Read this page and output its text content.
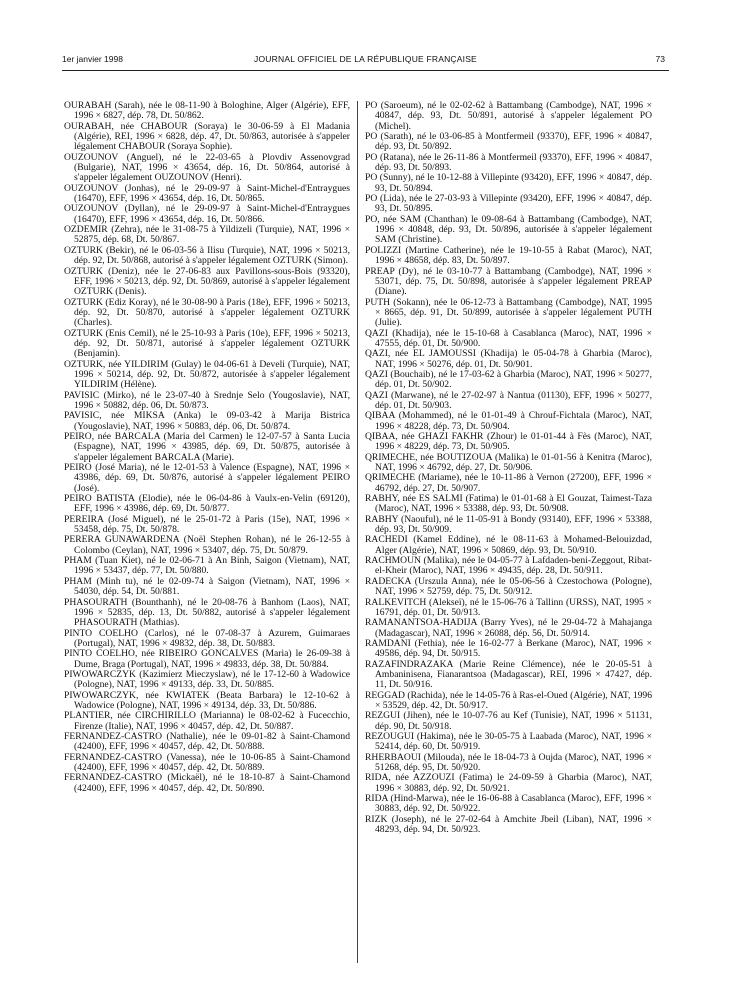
1er janvier 1998	JOURNAL OFFICIEL DE LA RÉPUBLIQUE FRANÇAISE	73

OURABAH (Sarah), née le 08-11-90 à Bologhine, Alger (Algérie), EFF, 1996 × 6827, dép. 78, Dt. 50/862.

OURABAH, née CHABOUR (Soraya) le 30-06-59 à El Madania (Algérie), REI, 1996 × 6828, dép. 47, Dt. 50/863, autorisée à s'appeler légalement CHABOUR (Soraya Sophie).

OUZOUNOV (Anguel), né le 22-03-65 à Plovdiv Assenovgrad (Bulgarie), NAT, 1996 × 43654, dép. 16, Dt. 50/864, autorisé à s'appeler légalement OUZOUNOV (Henri).

OUZOUNOV (Jonhas), né le 29-09-97 à Saint-Michel-d'Entraygues (16470), EFF, 1996 × 43654, dép. 16, Dt. 50/865.

OUZOUNOV (Dyllan), né le 29-09-97 à Saint-Michel-d'Entraygues (16470), EFF, 1996 × 43654, dép. 16, Dt. 50/866.

OZDEMIR (Zehra), née le 31-08-75 à Yildizeli (Turquie), NAT, 1996 × 52875, dép. 68, Dt. 50/867.

OZTURK (Bekir), né le 06-03-56 à Ilisu (Turquie), NAT, 1996 × 50213, dép. 92, Dt. 50/868, autorisé à s'appeler légalement OZTURK (Simon).

OZTURK (Deniz), née le 27-06-83 aux Pavillons-sous-Bois (93320), EFF, 1996 × 50213, dép. 92, Dt. 50/869, autorisé à s'appeler légalement OZTURK (Denis).

OZTURK (Ediz Koray), né le 30-08-90 à Paris (18e), EFF, 1996 × 50213, dép. 92, Dt. 50/870, autorisé à s'appeler légalement OZTURK (Charles).

OZTURK (Enis Cemil), né le 25-10-93 à Paris (10e), EFF, 1996 × 50213, dép. 92, Dt. 50/871, autorisé à s'appeler légalement OZTURK (Benjamin).

OZTURK, née YILDIRIM (Gulay) le 04-06-61 à Develi (Turquie), NAT, 1996 × 50214, dép. 92, Dt. 50/872, autorisée à s'appeler légalement YILDIRIM (Hélène).

PAVISIC (Mirko), né le 23-07-40 à Srednje Selo (Yougoslavie), NAT, 1996 × 50882, dép. 06, Dt. 50/873.

PAVISIC, née MIKSA (Anka) le 09-03-42 à Marija Bistrica (Yougoslavie), NAT, 1996 × 50883, dép. 06, Dt. 50/874.

PEIRO, née BARCALA (Maria del Carmen) le 12-07-57 à Santa Lucia (Espagne), NAT, 1996 × 43985, dép. 69, Dt. 50/875, autorisée à s'appeler légalement BARCALA (Marie).

PEIRO (José Maria), né le 12-01-53 à Valence (Espagne), NAT, 1996 × 43986, dép. 69, Dt. 50/876, autorisé à s'appeler légalement PEIRO (José).

PEIRO BATISTA (Elodie), née le 06-04-86 à Vaulx-en-Velin (69120), EFF, 1996 × 43986, dép. 69, Dt. 50/877.

PEREIRA (José Miguel), né le 25-01-72 à Paris (15e), NAT, 1996 × 53458, dép. 75, Dt. 50/878.

PERERA GUNAWARDENA (Noël Stephen Rohan), né le 26-12-55 à Colombo (Ceylan), NAT, 1996 × 53407, dép. 75, Dt. 50/879.

PHAM (Tuan Kiet), né le 02-06-71 à An Binh, Saigon (Vietnam), NAT, 1996 × 53437, dép. 77, Dt. 50/880.

PHAM (Minh tu), né le 02-09-74 à Saigon (Vietnam), NAT, 1996 × 54030, dép. 54, Dt. 50/881.

PHASOURATH (Bounthanh), né le 20-08-76 à Banhom (Laos), NAT, 1996 × 52835, dép. 13, Dt. 50/882, autorisé à s'appeler légalement PHASOURATH (Mathias).

PINTO COELHO (Carlos), né le 07-08-37 à Azurem, Guimaraes (Portugal), NAT, 1996 × 49832, dép. 38, Dt. 50/883.

PINTO COELHO, née RIBEIRO GONCALVES (Maria) le 26-09-38 à Dume, Braga (Portugal), NAT, 1996 × 49833, dép. 38, Dt. 50/884.

PIWOWARCZYK (Kazimierz Mieczyslaw), né le 17-12-60 à Wadowice (Pologne), NAT, 1996 × 49133, dép. 33, Dt. 50/885.

PIWOWARCZYK, née KWIATEK (Beata Barbara) le 12-10-62 à Wadowice (Pologne), NAT, 1996 × 49134, dép. 33, Dt. 50/886.

PLANTIER, née CIRCHIRILLO (Marianna) le 08-02-62 à Fucecchio, Firenze (Italie), NAT, 1996 × 40457, dép. 42, Dt. 50/887.

FERNANDEZ-CASTRO (Nathalie), née le 09-01-82 à Saint-Chamond (42400), EFF, 1996 × 40457, dép. 42, Dt. 50/888.

FERNANDEZ-CASTRO (Vanessa), née le 10-06-85 à Saint-Chamond (42400), EFF, 1996 × 40457, dép. 42, Dt. 50/889.

FERNANDEZ-CASTRO (Mickaël), né le 18-10-87 à Saint-Chamond (42400), EFF, 1996 × 40457, dép. 42, Dt. 50/890.

PO (Saroeum), né le 02-02-62 à Battambang (Cambodge), NAT, 1996 × 40847, dép. 93, Dt. 50/891, autorisé à s'appeler légalement PO (Michel).

PO (Sarath), né le 03-06-85 à Montfermeil (93370), EFF, 1996 × 40847, dép. 93, Dt. 50/892.

PO (Ratana), née le 26-11-86 à Montfermeil (93370), EFF, 1996 × 40847, dép. 93, Dt. 50/893.

PO (Sunny), né le 10-12-88 à Villepinte (93420), EFF, 1996 × 40847, dép. 93, Dt. 50/894.

PO (Lida), née le 27-03-93 à Villepinte (93420), EFF, 1996 × 40847, dép. 93, Dt. 50/895.

PO, née SAM (Chanthan) le 09-08-64 à Battambang (Cambodge), NAT, 1996 × 40848, dép. 93, Dt. 50/896, autorisée à s'appeler légalement SAM (Christine).

POLIZZI (Martine Catherine), née le 19-10-55 à Rabat (Maroc), NAT, 1996 × 48658, dép. 83, Dt. 50/897.

PREAP (Dy), né le 03-10-77 à Battambang (Cambodge), NAT, 1996 × 53071, dép. 75, Dt. 50/898, autorisée à s'appeler légalement PREAP (Diane).

PUTH (Sokann), née le 06-12-73 à Battambang (Cambodge), NAT, 1995 × 8665, dép. 91, Dt. 50/899, autorisée à s'appeler légalement PUTH (Julie).

QAZI (Khadija), née le 15-10-68 à Casablanca (Maroc), NAT, 1996 × 47555, dép. 01, Dt. 50/900.

QAZI, née EL JAMOUSSI (Khadija) le 05-04-78 à Gharbia (Maroc), NAT, 1996 × 50276, dép. 01, Dt. 50/901.

QAZI (Bouchaib), né le 17-03-62 à Gharbia (Maroc), NAT, 1996 × 50277, dép. 01, Dt. 50/902.

QAZI (Marwane), né le 27-02-97 à Nantua (01130), EFF, 1996 × 50277, dép. 01, Dt. 50/903.

QIBAA (Mohammed), né le 01-01-49 à Chrouf-Fichtala (Maroc), NAT, 1996 × 48228, dép. 73, Dt. 50/904.

QIBAA, née GHAZI FAKHR (Zhour) le 01-01-44 à Fès (Maroc), NAT, 1996 × 48229, dép. 73, Dt. 50/905.

QRIMECHE, née BOUTIZOUA (Malika) le 01-01-56 à Kenitra (Maroc), NAT, 1996 × 46792, dép. 27, Dt. 50/906.

QRIMECHE (Mariame), née le 10-11-86 à Vernon (27200), EFF, 1996 × 46792, dép. 27, Dt. 50/907.

RABHY, née ES SALMI (Fatima) le 01-01-68 à El Gouzat, Taimest-Taza (Maroc), NAT, 1996 × 53388, dép. 93, Dt. 50/908.

RABHY (Naouful), né le 11-05-91 à Bondy (93140), EFF, 1996 × 53388, dép. 93, Dt. 50/909.

RACHEDI (Kamel Eddine), né le 08-11-63 à Mohamed-Belouizdad, Alger (Algérie), NAT, 1996 × 50869, dép. 93, Dt. 50/910.

RACHMOUN (Malika), née le 04-05-77 à Lafdaden-beni-Zeggout, Ribat-el-Kheir (Maroc), NAT, 1996 × 49435, dép. 28, Dt. 50/911.

RADECKA (Urszula Anna), née le 05-06-56 à Czestochowa (Pologne), NAT, 1996 × 52759, dép. 75, Dt. 50/912.

RALKEVITCH (Alekseï), né le 15-06-76 à Tallinn (URSS), NAT, 1995 × 16791, dép. 01, Dt. 50/913.

RAMANANTSOA-HADIJA (Barry Yves), né le 29-04-72 à Mahajanga (Madagascar), NAT, 1996 × 26088, dép. 56, Dt. 50/914.

RAMDANI (Fethia), née le 16-02-77 à Berkane (Maroc), NAT, 1996 × 49586, dép. 94, Dt. 50/915.

RAZAFINDRAZAKA (Marie Reine Clémence), née le 20-05-51 à Ambaninisena, Fianarantsoa (Madagascar), REI, 1996 × 47427, dép. 11, Dt. 50/916.

REGGAD (Rachida), née le 14-05-76 à Ras-el-Oued (Algérie), NAT, 1996 × 53529, dép. 42, Dt. 50/917.

REZGUI (Jihen), née le 10-07-76 au Kef (Tunisie), NAT, 1996 × 51131, dép. 90, Dt. 50/918.

REZOUGUI (Hakima), née le 30-05-75 à Laabada (Maroc), NAT, 1996 × 52414, dép. 60, Dt. 50/919.

RHERBAOUI (Milouda), née le 18-04-73 à Oujda (Maroc), NAT, 1996 × 51268, dép. 95, Dt. 50/920.

RIDA, née AZZOUZI (Fatima) le 24-09-59 à Gharbia (Maroc), NAT, 1996 × 30883, dép. 92, Dt. 50/921.

RIDA (Hind-Marwa), née le 16-06-88 à Casablanca (Maroc), EFF, 1996 × 30883, dép. 92, Dt. 50/922.

RIZK (Joseph), né le 27-02-64 à Amchite Jbeil (Liban), NAT, 1996 × 48293, dép. 94, Dt. 50/923.
